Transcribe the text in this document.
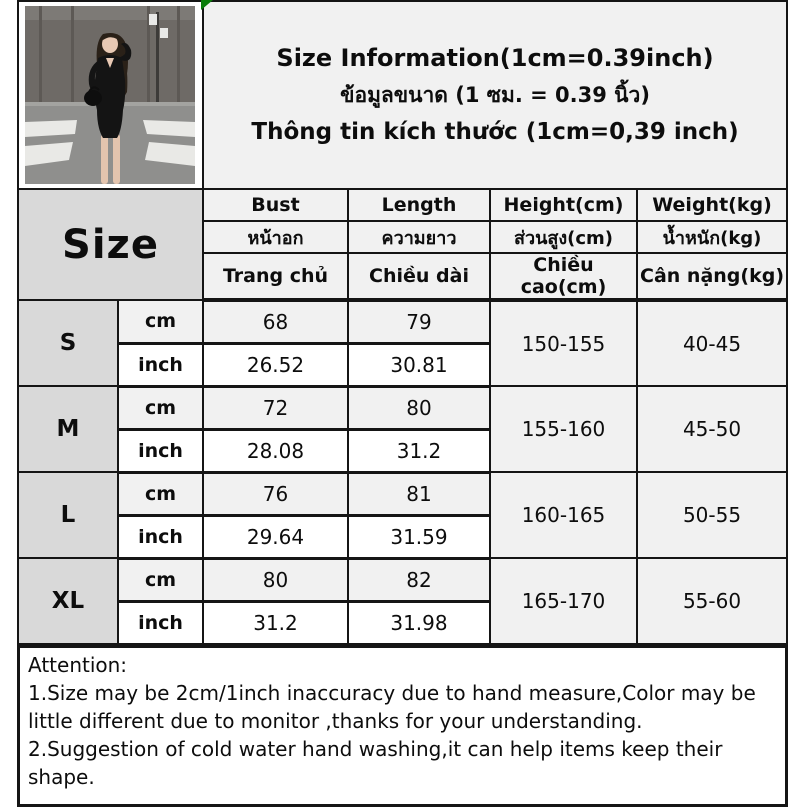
Size Information(1cm=0.39inch)
ข้อมูลขนาด (1 ซม. = 0.39 นิ้ว)
Thông tin kích thước (1cm=0,39 inch)			

Size		Bust	Length	Height(cm)	Weight(kg)
		หน้าอก	ความยาว	ส่วนสูง(cm)	น้ำหนัก(kg)
		Trang chủ	Chiều dài	Chiều cao(cm)	Cân nặng(kg)
S	cm	68	79	150-155	40-45
	inch	26.52	30.81		
M	cm	72	80	155-160	45-50
	inch	28.08	31.2		
L	cm	76	81	160-165	50-55
	inch	29.64	31.59		
XL	cm	80	82	165-170	55-60
	inch	31.2	31.98		
Attention:
1.Size may be 2cm/1inch inaccuracy due to hand measure,Color may be little different due to monitor ,thanks for your understanding.
2.Suggestion of cold water hand washing,it can help items keep their shape.
